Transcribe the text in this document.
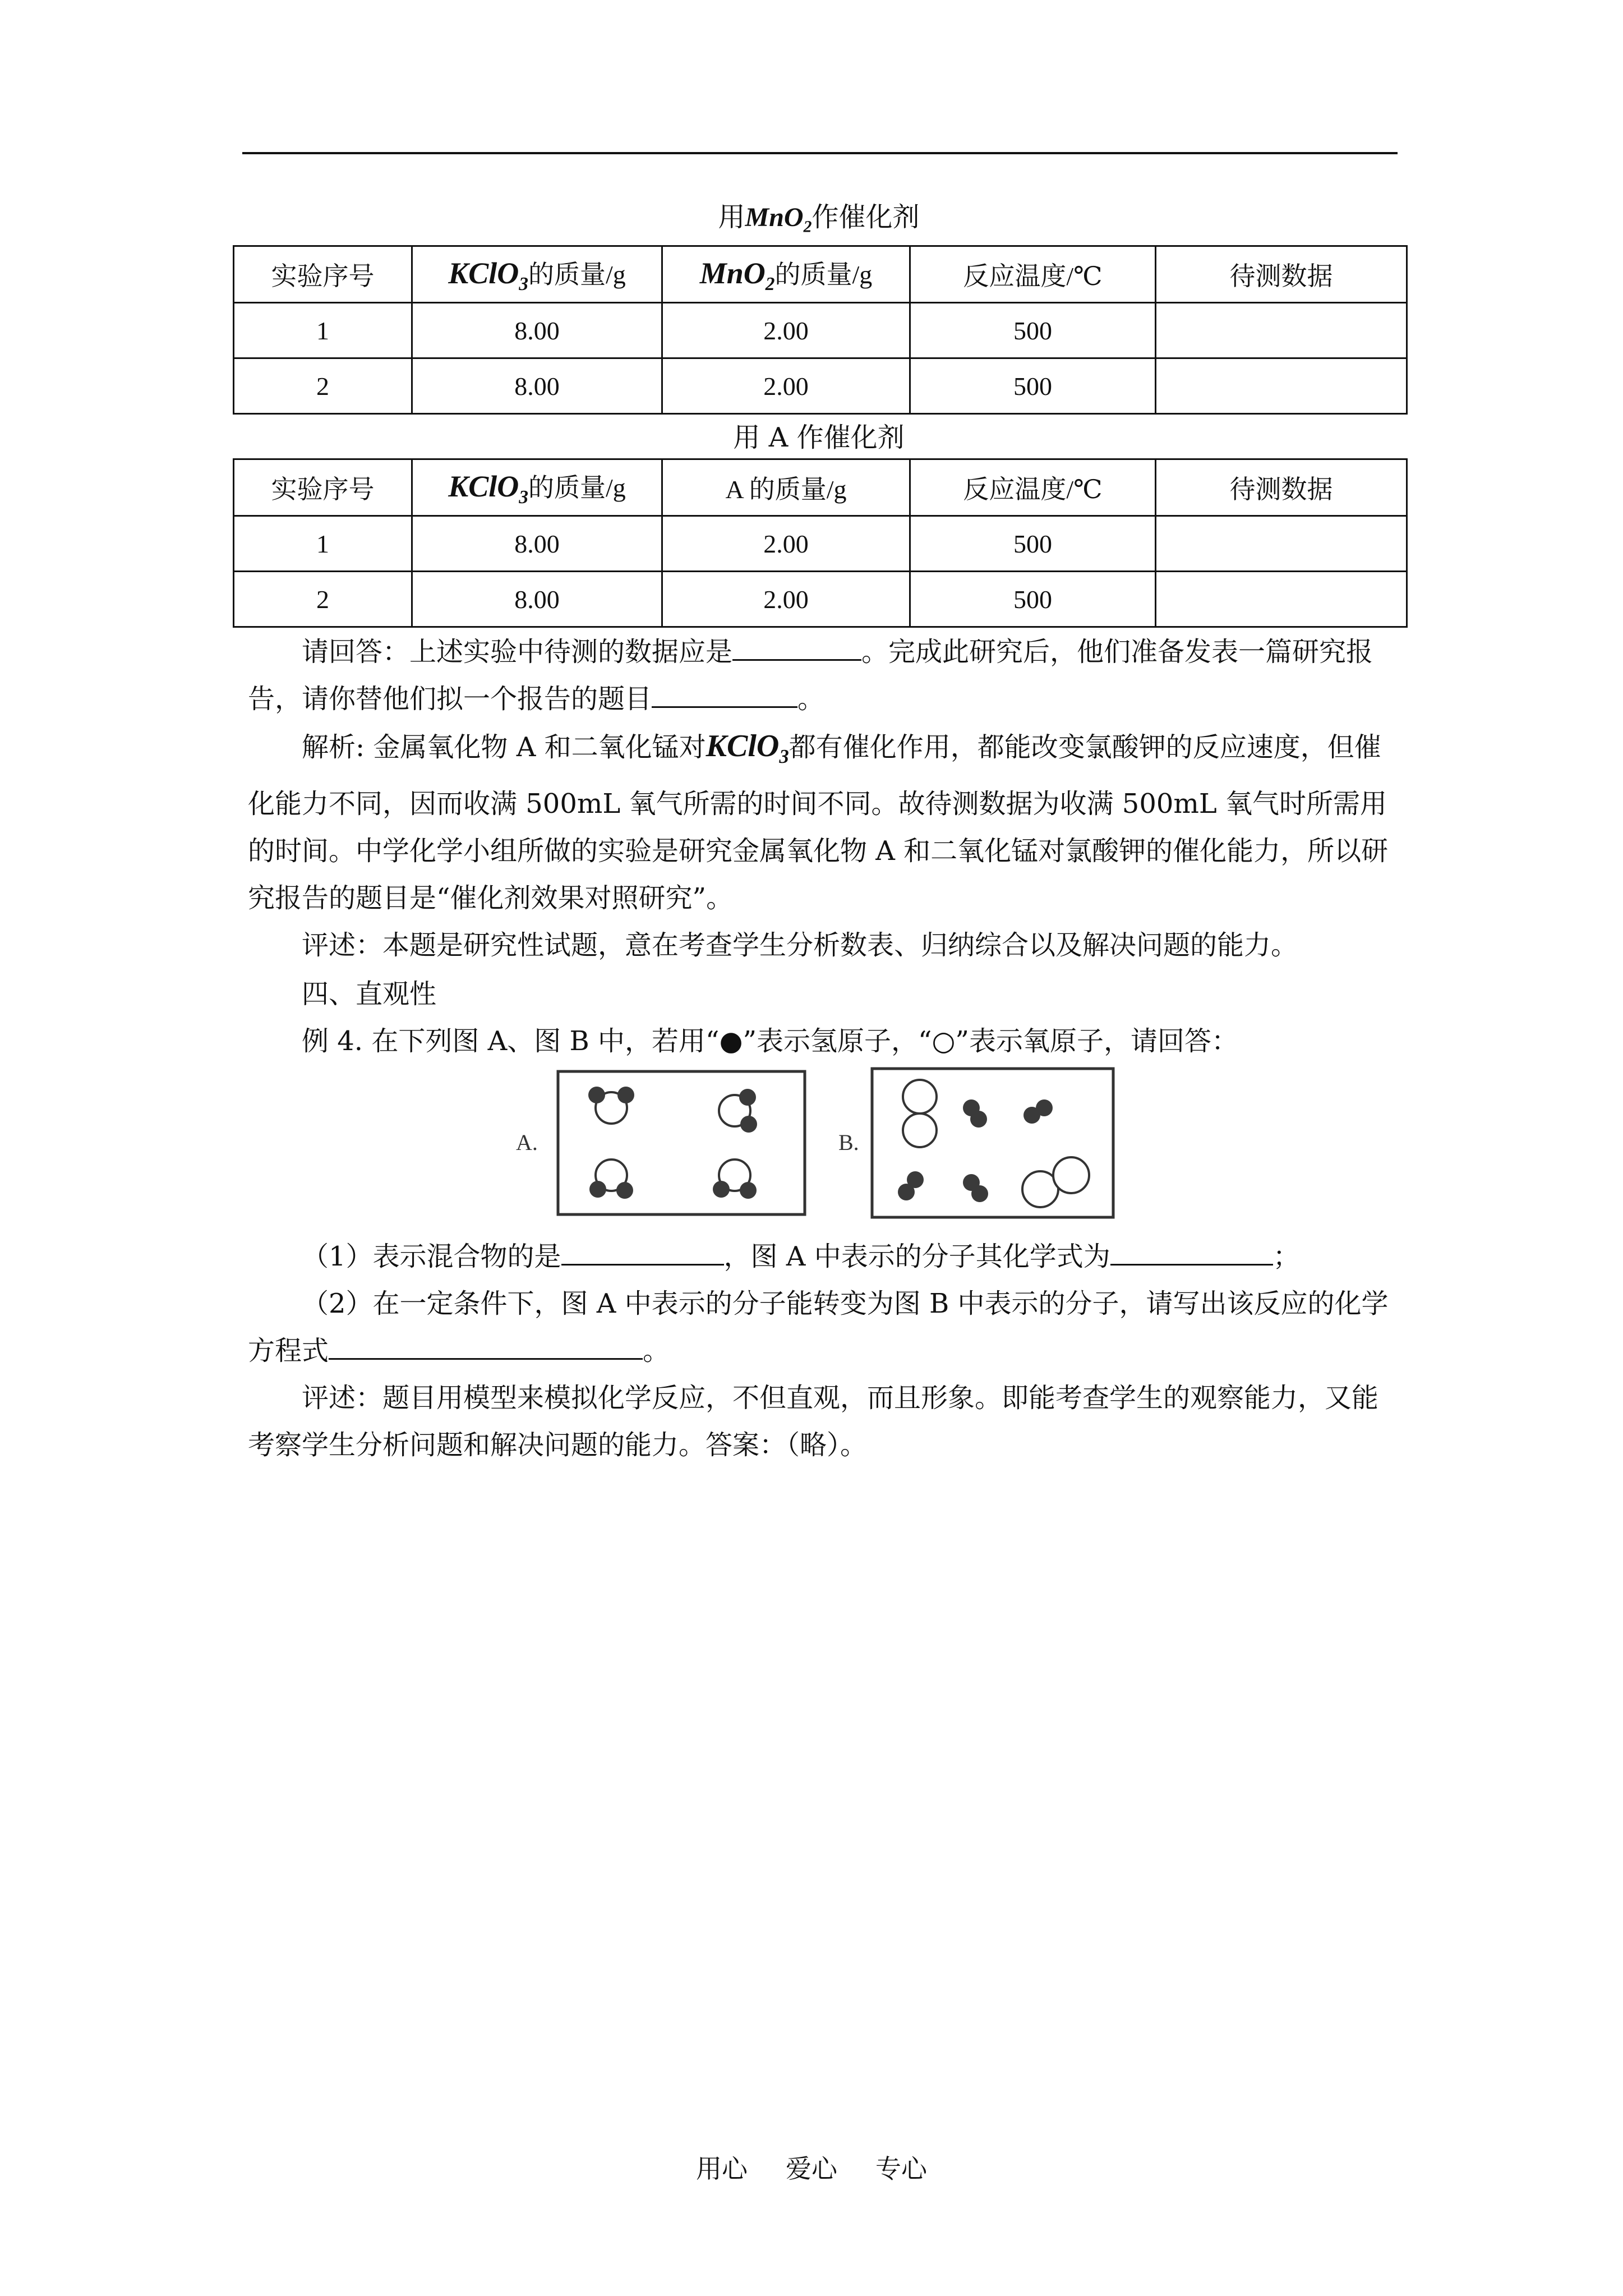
用MnO$_2$作催化剂
实验序号	KClO$_3$的质量/g	MnO$_2$的质量/g	反应温度/℃	待测数据
1	8.00	2.00	500	
2	8.00	2.00	500	
用 A 作催化剂
实验序号	KClO$_3$的质量/g	A 的质量/g	反应温度/℃	待测数据
1	8.00	2.00	500	
2	8.00	2.00	500	

请回答：上述实验中待测的数据应是	。完成此研究后，他们准备发表一篇研究报告，请你替他们拟一个报告的题目	。

解析: 金属氧化物 A 和二氧化锰对KClO$_3$都有催化作用，都能改变氯酸钾的反应速度，但催化能力不同，因而收满 500mL 氧气所需的时间不同。故待测数据为收满 500mL 氧气时所需用的时间。中学化学小组所做的实验是研究金属氧化物 A 和二氧化锰对氯酸钾的催化能力，所以研究报告的题目是“催化剂效果对照研究”。

评述：本题是研究性试题，意在考查学生分析数表、归纳综合以及解决问题的能力。

四、直观性

例 4. 在下列图 A、图 B 中，若用“●”表示氢原子，“○”表示氧原子，请回答：

A.	B.

（1）表示混合物的是	，图 A 中表示的分子其化学式为	；

（2）在一定条件下，图 A 中表示的分子能转变为图 B 中表示的分子，请写出该反应的化学方程式	。

评述：题目用模型来模拟化学反应，不但直观，而且形象。即能考查学生的观察能力，又能考察学生分析问题和解决问题的能力。答案：（略）。

用心 爱心 专心
